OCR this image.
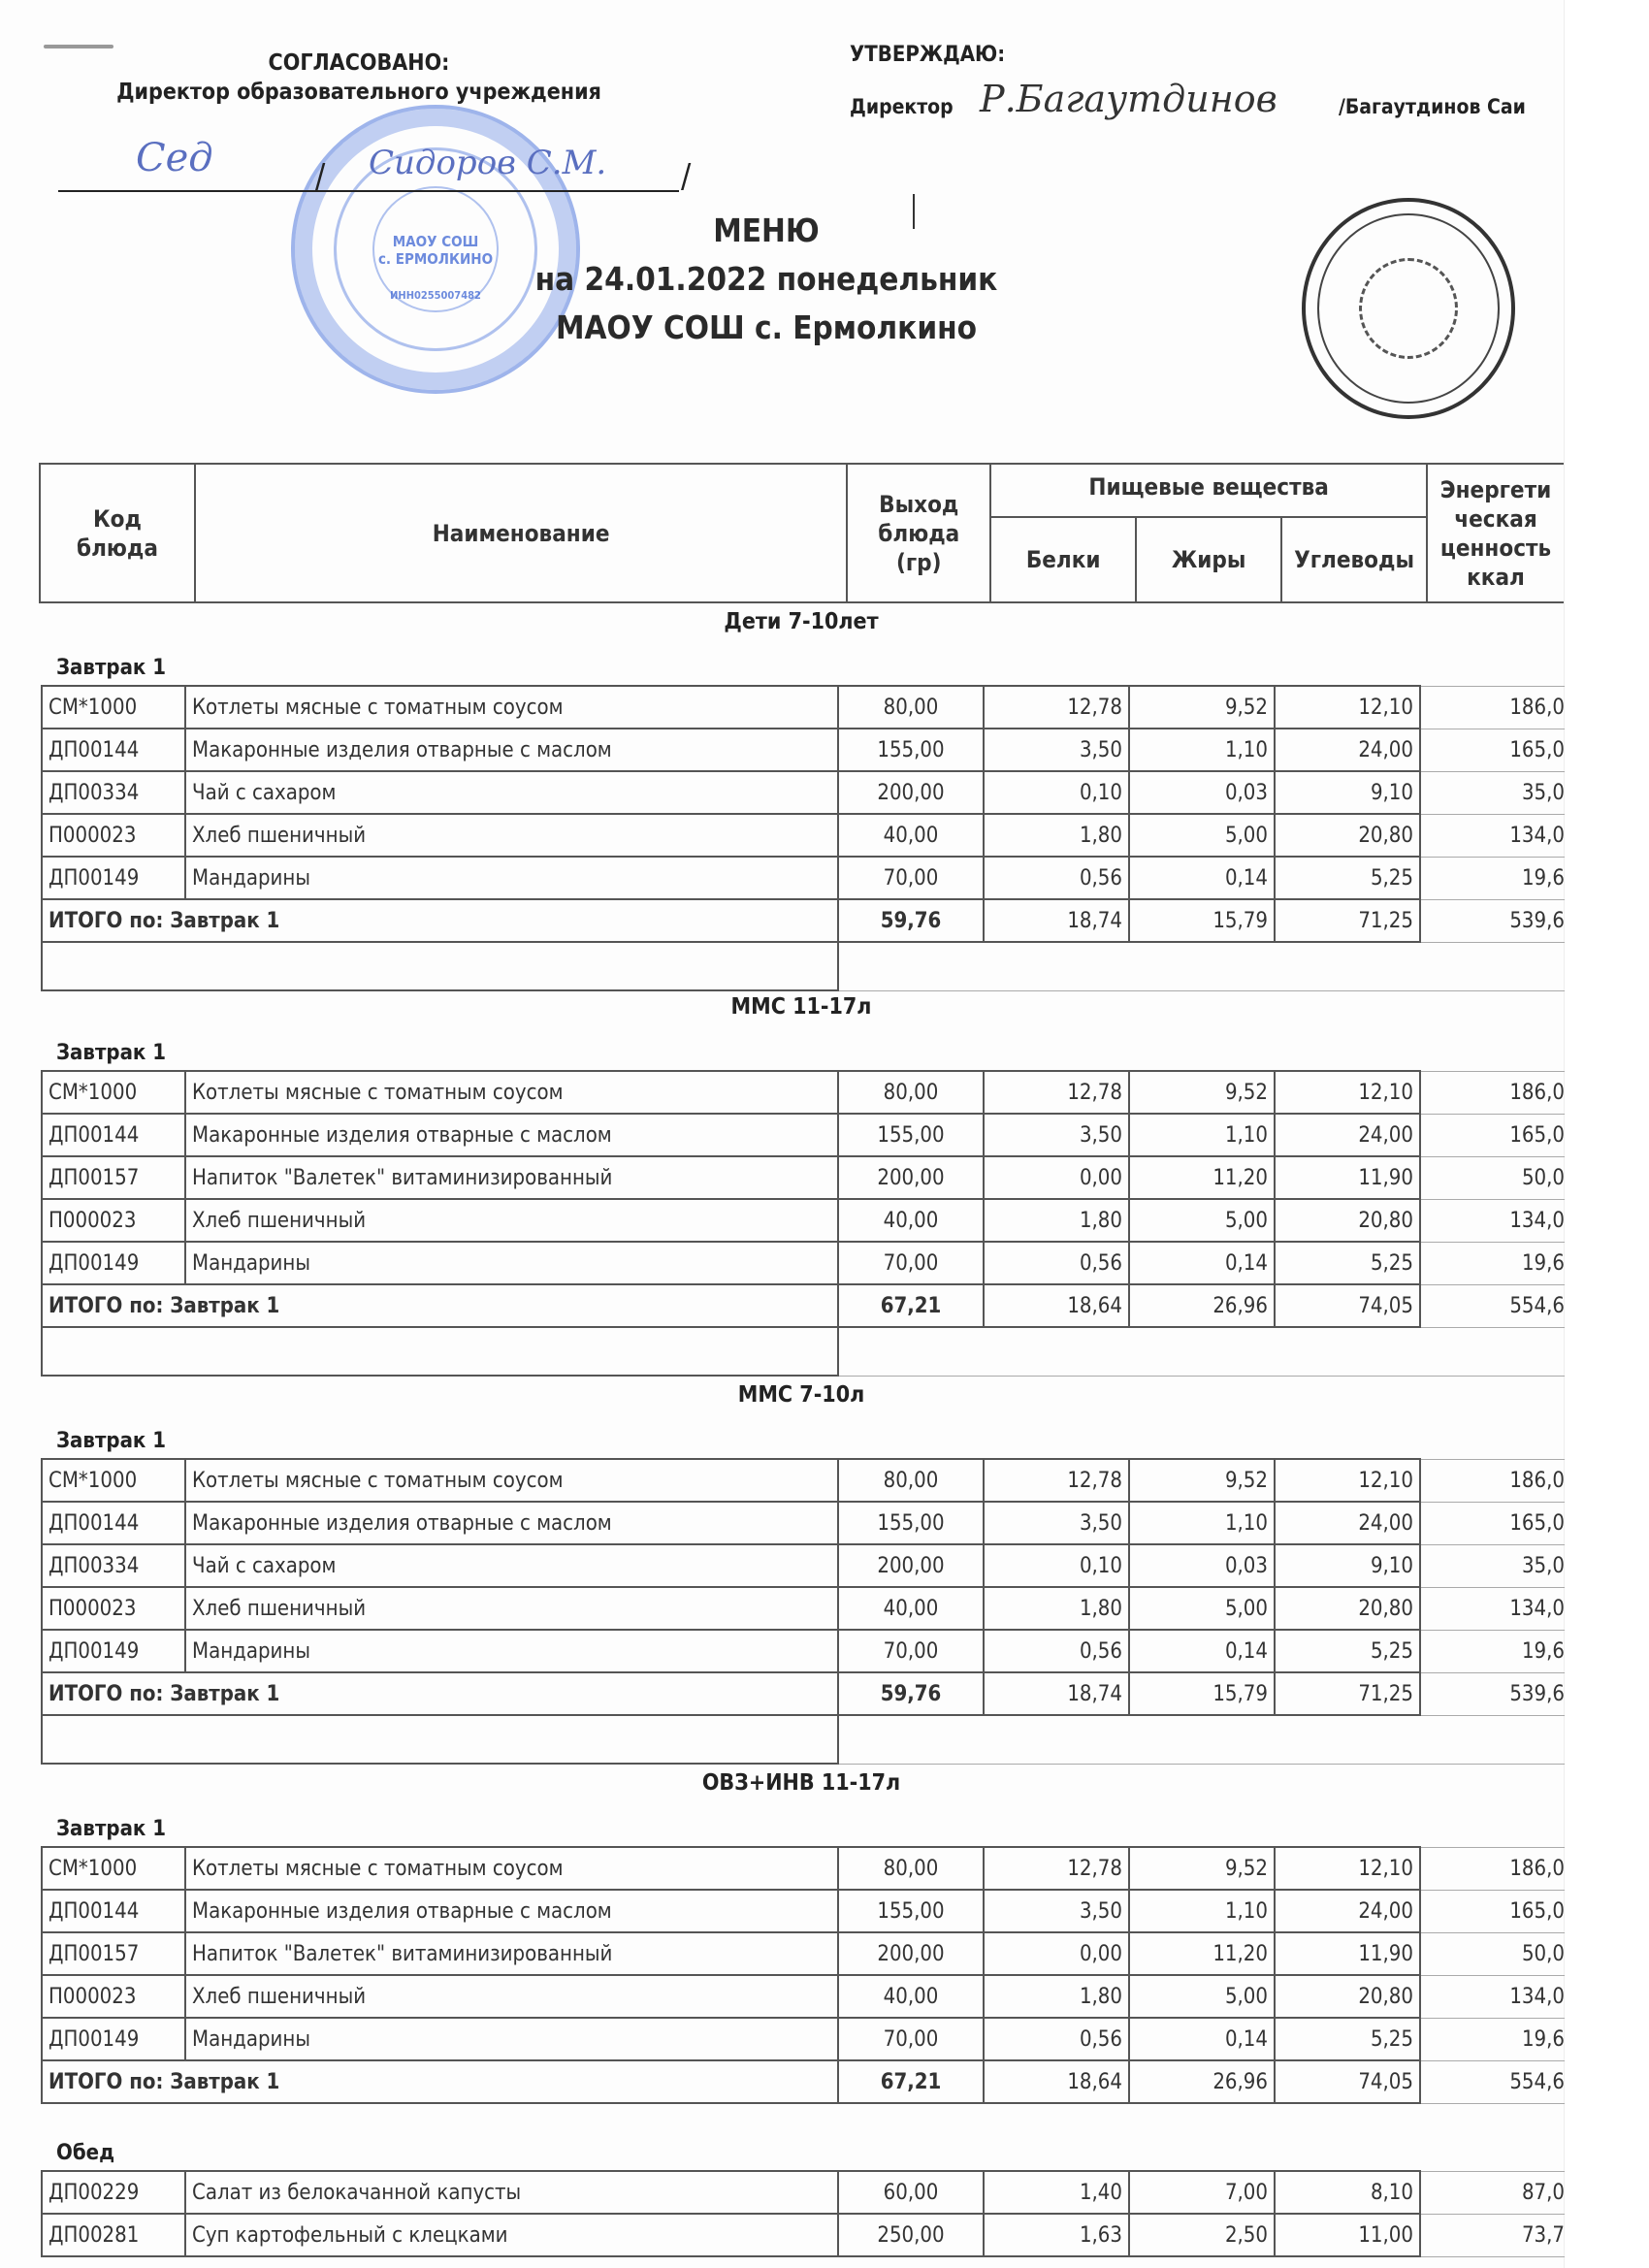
СОГЛАСОВАНО:
Директор образовательного учреждения
МАОУ СОШ
с. ЕРМОЛКИНО
ИНН0255007482
Сед	Сидоров С.М.
/	/
УТВЕРЖДАЮ:
Директор Р.Багаутдинов	/Багаутдинов Саи
МЕНЮ
на 24.01.2022 понедельник
МАОУ СОШ с. Ермолкино
Код блюда	Наименование	Выход блюда (гр)	Пищевые вещества			Энергети
ческая
ценность
ккал

			Белки	Жиры	Углеводы	
Дети 7-10лет
Завтрак 1
СМ*1000	Котлеты мясные с томатным соусом	80,00	12,78	9,52	12,10	186,0
ДП00144	Макаронные изделия отварные с маслом	155,00	3,50	1,10	24,00	165,0
ДП00334	Чай с сахаром	200,00	0,10	0,03	9,10	35,0
П000023	Хлеб пшеничный	40,00	1,80	5,00	20,80	134,0
ДП00149	Мандарины	70,00	0,56	0,14	5,25	19,6
ИТОГО по: Завтрак 1		59,76	18,74	15,79	71,25	539,6

ММС 11-17л
Завтрак 1
СМ*1000	Котлеты мясные с томатным соусом	80,00	12,78	9,52	12,10	186,0
ДП00144	Макаронные изделия отварные с маслом	155,00	3,50	1,10	24,00	165,0
ДП00157	Напиток "Валетек" витаминизированный	200,00	0,00	11,20	11,90	50,0
П000023	Хлеб пшеничный	40,00	1,80	5,00	20,80	134,0
ДП00149	Мандарины	70,00	0,56	0,14	5,25	19,6
ИТОГО по: Завтрак 1		67,21	18,64	26,96	74,05	554,6

ММС 7-10л
Завтрак 1
СМ*1000	Котлеты мясные с томатным соусом	80,00	12,78	9,52	12,10	186,0
ДП00144	Макаронные изделия отварные с маслом	155,00	3,50	1,10	24,00	165,0
ДП00334	Чай с сахаром	200,00	0,10	0,03	9,10	35,0
П000023	Хлеб пшеничный	40,00	1,80	5,00	20,80	134,0
ДП00149	Мандарины	70,00	0,56	0,14	5,25	19,6
ИТОГО по: Завтрак 1		59,76	18,74	15,79	71,25	539,6

ОВЗ+ИНВ 11-17л
Завтрак 1
СМ*1000	Котлеты мясные с томатным соусом	80,00	12,78	9,52	12,10	186,0
ДП00144	Макаронные изделия отварные с маслом	155,00	3,50	1,10	24,00	165,0
ДП00157	Напиток "Валетек" витаминизированный	200,00	0,00	11,20	11,90	50,0
П000023	Хлеб пшеничный	40,00	1,80	5,00	20,80	134,0
ДП00149	Мандарины	70,00	0,56	0,14	5,25	19,6
ИТОГО по: Завтрак 1		67,21	18,64	26,96	74,05	554,6
Обед
ДП00229	Салат из белокачанной капусты	60,00	1,40	7,00	8,10	87,0
ДП00281	Суп картофельный с клецками	250,00	1,63	2,50	11,00	73,7
